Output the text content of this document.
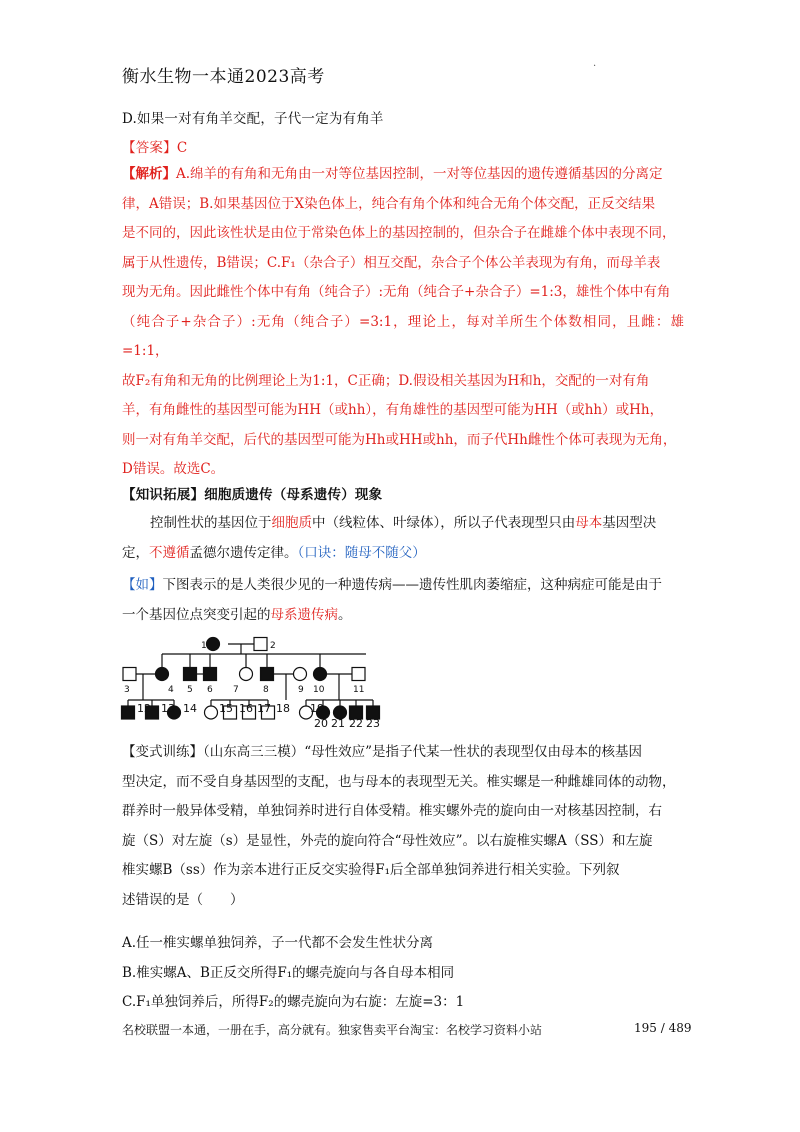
衡水生物一本通2023高考
.
D.如果一对有角羊交配，子代一定为有角羊
【答案】C
【解析】A.绵羊的有角和无角由一对等位基因控制，一对等位基因的遗传遵循基因的分离定
律，A错误；B.如果基因位于X染色体上，纯合有角个体和纯合无角个体交配，正反交结果
是不同的，因此该性状是由位于常染色体上的基因控制的，但杂合子在雌雄个体中表现不同，
属于从性遗传，B错误；C.F₁（杂合子）相互交配，杂合子个体公羊表现为有角，而母羊表
现为无角。因此雌性个体中有角（纯合子）:无角（纯合子+杂合子）=1:3，雄性个体中有角
（纯合子+杂合子）:无角（纯合子）=3:1，理论上，每对羊所生个体数相同，且雌：雄=1:1，
故F₂有角和无角的比例理论上为1:1，C正确；D.假设相关基因为H和h，交配的一对有角
羊，有角雌性的基因型可能为HH（或hh），有角雄性的基因型可能为HH（或hh）或Hh，
则一对有角羊交配，后代的基因型可能为Hh或HH或hh，而子代Hh雌性个体可表现为无角，
D错误。故选C。
【知识拓展】细胞质遗传（母系遗传）现象
控制性状的基因位于细胞质中（线粒体、叶绿体），所以子代表现型只由母本基因型决
定，不遵循孟德尔遗传定律。（口诀：随母不随父）
【如】下图表示的是人类很少见的一种遗传病——遗传性肌肉萎缩症，这种病症可能是由于
一个基因位点突变引起的母系遗传病。
1	2
3	4 5 6 7	8	9 10	11
12 13 14 15 16 17 18 19
20 21 22 23
【变式训练】（山东高三三模）“母性效应”是指子代某一性状的表现型仅由母本的核基因
型决定，而不受自身基因型的支配，也与母本的表现型无关。椎实螺是一种雌雄同体的动物，
群养时一般异体受精，单独饲养时进行自体受精。椎实螺外壳的旋向由一对核基因控制，右
旋（S）对左旋（s）是显性，外壳的旋向符合“母性效应”。以右旋椎实螺A（SS）和左旋
椎实螺B（ss）作为亲本进行正反交实验得F₁后全部单独饲养进行相关实验。下列叙
述错误的是（　　）
A.任一椎实螺单独饲养，子一代都不会发生性状分离
B.椎实螺A、B正反交所得F₁的螺壳旋向与各自母本相同
C.F₁单独饲养后，所得F₂的螺壳旋向为右旋：左旋=3：1
名校联盟一本通，一册在手，高分就有。独家售卖平台淘宝：名校学习资料小站	195 / 489
